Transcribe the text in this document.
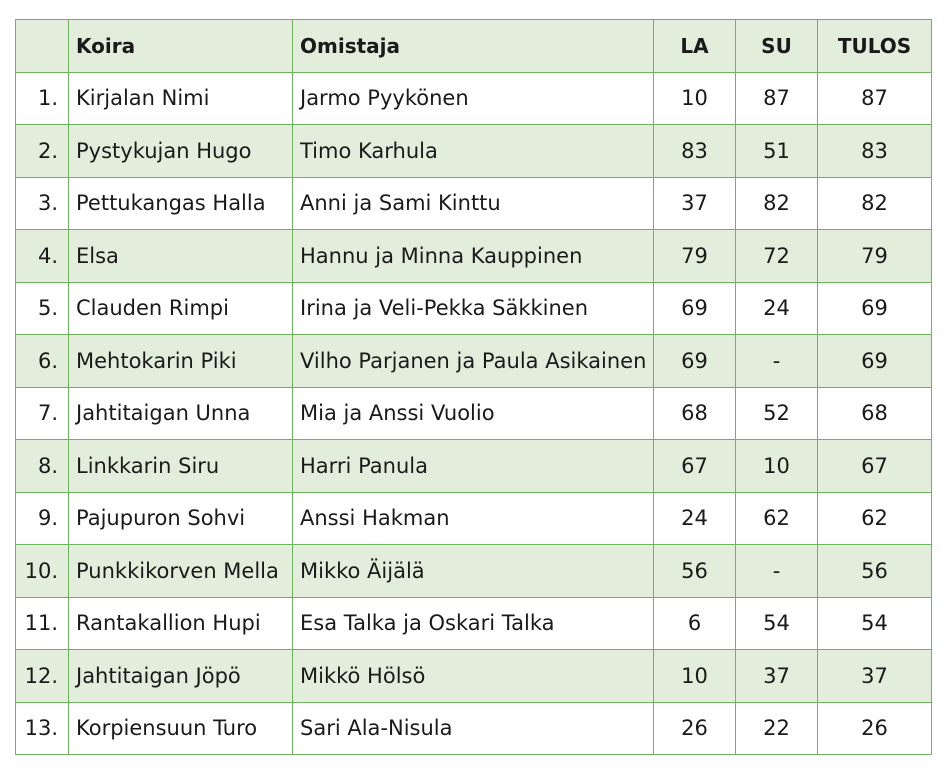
	Koira	Omistaja	LA	SU	TULOS
1.	Kirjalan Nimi	Jarmo Pyykönen	10	87	87
2.	Pystykujan Hugo	Timo Karhula	83	51	83
3.	Pettukangas Halla	Anni ja Sami Kinttu	37	82	82
4.	Elsa	Hannu ja Minna Kauppinen	79	72	79
5.	Clauden Rimpi	Irina ja Veli-Pekka Säkkinen	69	24	69
6.	Mehtokarin Piki	Vilho Parjanen ja Paula Asikainen	69	-	69
7.	Jahtitaigan Unna	Mia ja Anssi Vuolio	68	52	68
8.	Linkkarin Siru	Harri Panula	67	10	67
9.	Pajupuron Sohvi	Anssi Hakman	24	62	62
10.	Punkkikorven Mella	Mikko Äijälä	56	-	56
11.	Rantakallion Hupi	Esa Talka ja Oskari Talka	6	54	54
12.	Jahtitaigan Jöpö	Mikkö Hölsö	10	37	37
13.	Korpiensuun Turo	Sari Ala-Nisula	26	22	26
